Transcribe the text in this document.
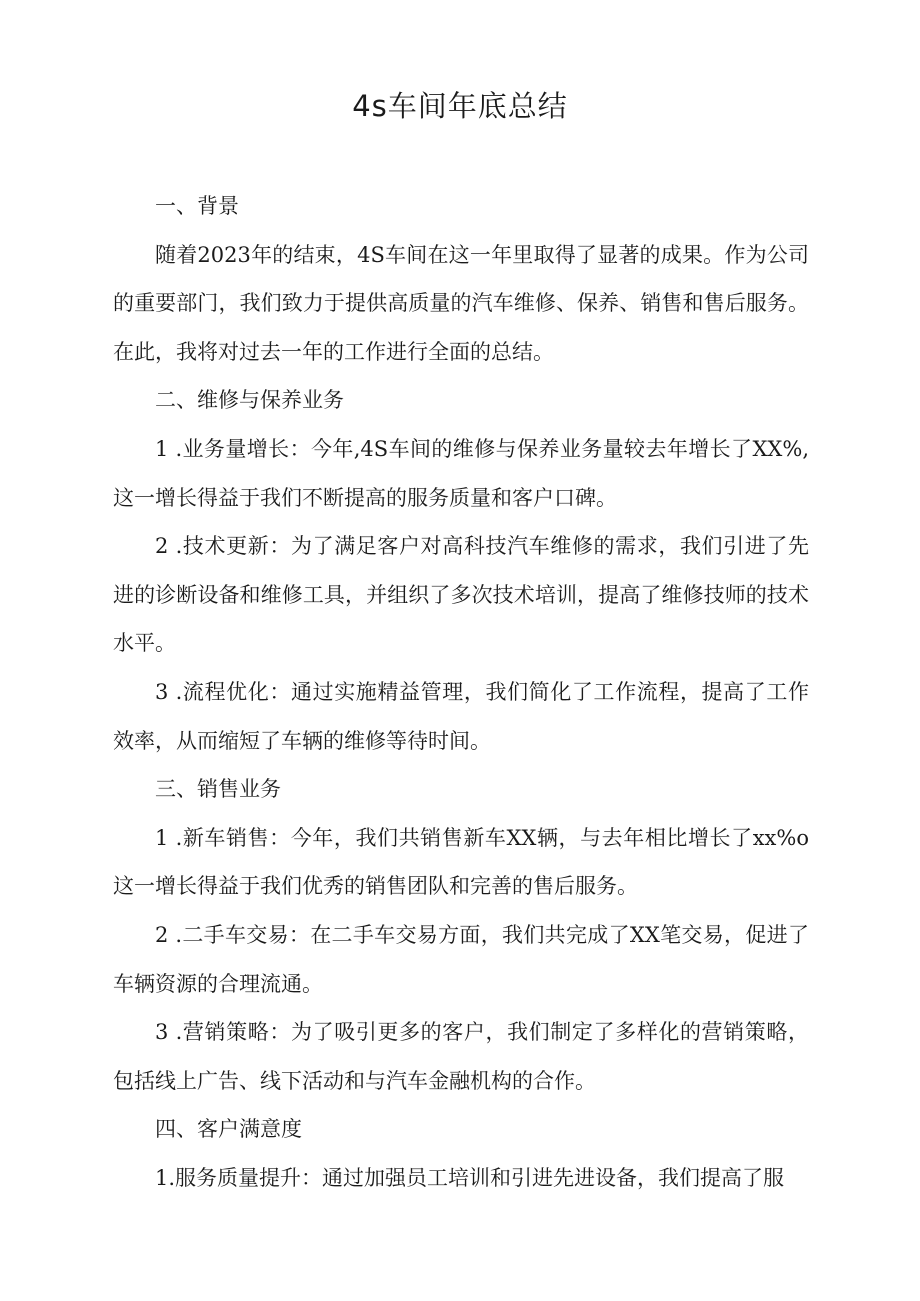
4s车间年底总结

一、背景

随着2023年的结束，4S车间在这一年里取得了显著的成果。作为公司的重要部门，我们致力于提供高质量的汽车维修、保养、销售和售后服务。在此，我将对过去一年的工作进行全面的总结。

二、维修与保养业务

1 .业务量增长：今年,4S车间的维修与保养业务量较去年增长了XX%,这一增长得益于我们不断提高的服务质量和客户口碑。

2 .技术更新：为了满足客户对高科技汽车维修的需求，我们引进了先进的诊断设备和维修工具，并组织了多次技术培训，提高了维修技师的技术水平。

3 .流程优化：通过实施精益管理，我们简化了工作流程，提高了工作效率，从而缩短了车辆的维修等待时间。

三、销售业务

1 .新车销售：今年，我们共销售新车XX辆，与去年相比增长了xx%o这一增长得益于我们优秀的销售团队和完善的售后服务。

2 .二手车交易：在二手车交易方面，我们共完成了XX笔交易，促进了车辆资源的合理流通。

3 .营销策略：为了吸引更多的客户，我们制定了多样化的营销策略，包括线上广告、线下活动和与汽车金融机构的合作。

四、客户满意度

1.服务质量提升：通过加强员工培训和引进先进设备，我们提高了服
